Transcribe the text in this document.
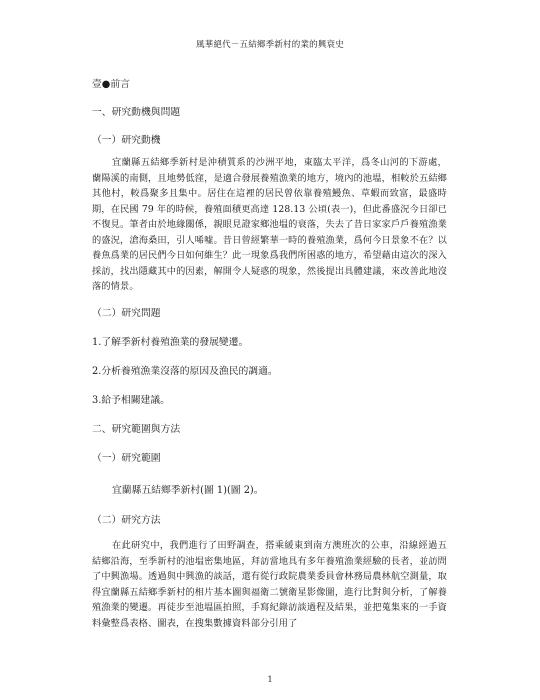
風華絕代－五結鄉季新村的業的興衰史
壹●前言
一、研究動機與問題
（一）研究動機
宜蘭縣五結鄉季新村是沖積質系的沙洲平地，東臨太平洋，爲冬山河的下游處，蘭陽溪的南側，且地勢低窪，是適合發展養殖漁業的地方，境內的池塭，相較於五結鄉其他村，較爲聚多且集中。居住在這裡的居民曾依靠養殖鰻魚、草蝦而致富，最盛時期，在民國 79 年的時候，養殖面積更高達 128.13 公頃(表一)，但此番盛況今日卻已不復見。筆者由於地緣關係，親眼見證家鄉池塭的衰落，失去了昔日家家戶戶養殖漁業的盛況，滄海桑田，引人唏噓。昔日曾經繁華一時的養殖漁業，爲何今日景象不在？以養魚爲業的居民們今日如何維生？此一現象爲我們所困惑的地方，希望藉由這次的深入採訪，找出隱藏其中的因素，解開令人疑惑的現象，然後提出具體建議，來改善此地沒落的情景。
（二）研究問題
1.了解季新村養殖漁業的發展變遷。
2.分析養殖漁業沒落的原因及漁民的調適。
3.給予相關建議。
二、研究範圍與方法
（一）研究範圍
宜蘭縣五結鄉季新村(圖 1)(圖 2)。
（二）研究方法
在此研究中，我們進行了田野調查，搭乘緩東到南方澳班次的公車，沿線經過五結鄉沿海，至季新村的池塭密集地區，拜訪當地具有多年養殖漁業經驗的長者，並訪問了中興漁場。透過與中興漁的談話，還有從行政院農業委員會林務局農林航空測量，取得宜蘭縣五結鄉季新村的相片基本圖與福衛二號衛星影像圖，進行比對與分析，了解養殖漁業的變遷。再徒步至池塭區拍照，手寫紀錄訪談過程及結果，並把蒐集來的一手資料彙整爲表格、圖表，在搜集數據資料部分引用了
1
